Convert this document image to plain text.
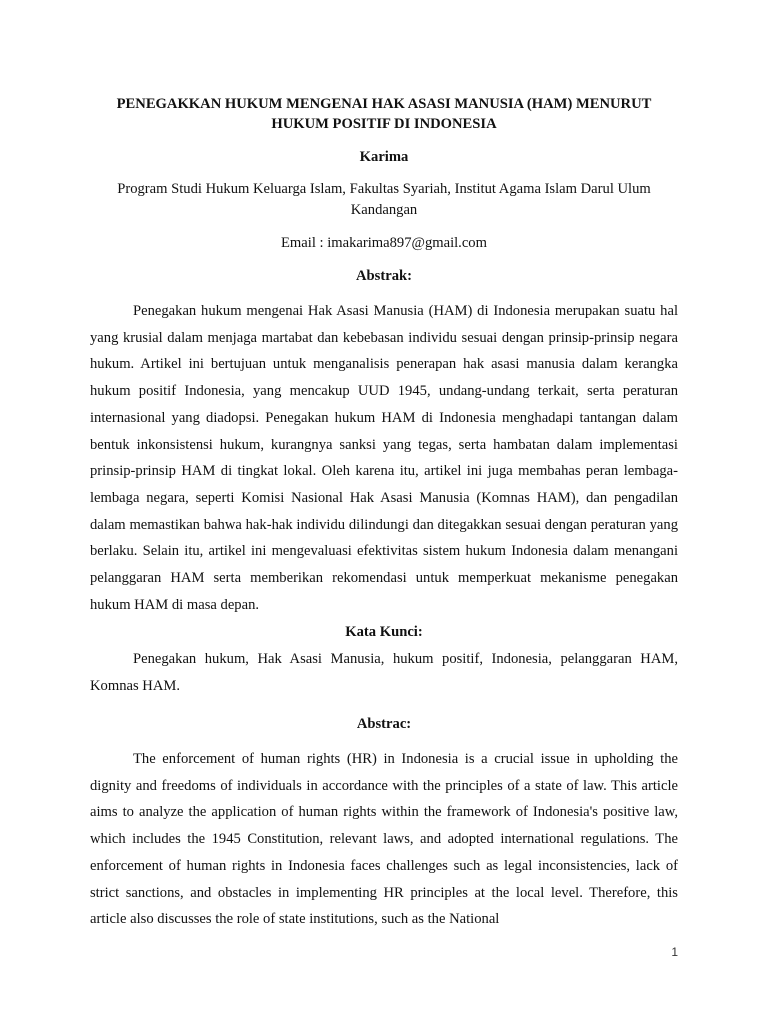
PENEGAKKAN HUKUM MENGENAI HAK ASASI MANUSIA (HAM) MENURUT HUKUM POSITIF DI INDONESIA

Karima

Program Studi Hukum Keluarga Islam, Fakultas Syariah, Institut Agama Islam Darul Ulum Kandangan

Email : imakarima897@gmail.com

Abstrak:

Penegakan hukum mengenai Hak Asasi Manusia (HAM) di Indonesia merupakan suatu hal yang krusial dalam menjaga martabat dan kebebasan individu sesuai dengan prinsip-prinsip negara hukum. Artikel ini bertujuan untuk menganalisis penerapan hak asasi manusia dalam kerangka hukum positif Indonesia, yang mencakup UUD 1945, undang-undang terkait, serta peraturan internasional yang diadopsi. Penegakan hukum HAM di Indonesia menghadapi tantangan dalam bentuk inkonsistensi hukum, kurangnya sanksi yang tegas, serta hambatan dalam implementasi prinsip-prinsip HAM di tingkat lokal. Oleh karena itu, artikel ini juga membahas peran lembaga-lembaga negara, seperti Komisi Nasional Hak Asasi Manusia (Komnas HAM), dan pengadilan dalam memastikan bahwa hak-hak individu dilindungi dan ditegakkan sesuai dengan peraturan yang berlaku. Selain itu, artikel ini mengevaluasi efektivitas sistem hukum Indonesia dalam menangani pelanggaran HAM serta memberikan rekomendasi untuk memperkuat mekanisme penegakan hukum HAM di masa depan.

Kata Kunci:

Penegakan hukum, Hak Asasi Manusia, hukum positif, Indonesia, pelanggaran HAM, Komnas HAM.

Abstrac:

The enforcement of human rights (HR) in Indonesia is a crucial issue in upholding the dignity and freedoms of individuals in accordance with the principles of a state of law. This article aims to analyze the application of human rights within the framework of Indonesia's positive law, which includes the 1945 Constitution, relevant laws, and adopted international regulations. The enforcement of human rights in Indonesia faces challenges such as legal inconsistencies, lack of strict sanctions, and obstacles in implementing HR principles at the local level. Therefore, this article also discusses the role of state institutions, such as the National

1
